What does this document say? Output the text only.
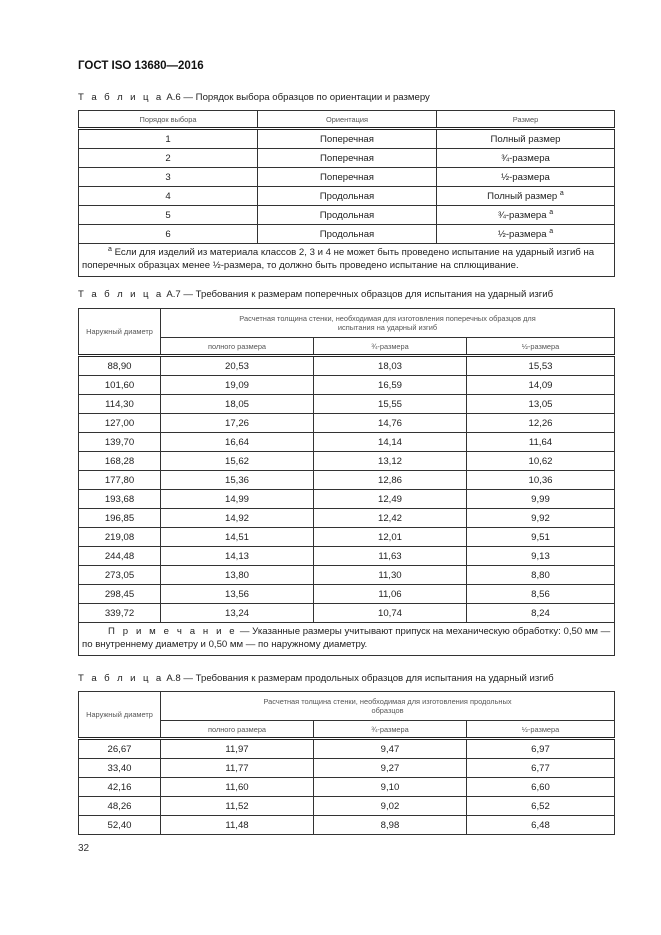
ГОСТ ISO 13680—2016
Т а б л и ц а А.6 — Порядок выбора образцов по ориентации и размеру
Порядок выбора	Ориентация	Размер
1	Поперечная	Полный размер
2	Поперечная	¾-размера
3	Поперечная	½-размера
4	Продольная	Полный размер $^a$
5	Продольная	¾-размера $^a$
6	Продольная	½-размера $^a$
$^a$ Если для изделий из материала классов 2, 3 и 4 не может быть проведено испытание на ударный изгиб на поперечных образцах менее ½-размера, то должно быть проведено испытание на сплющивание.		
Т а б л и ц а А.7 — Требования к размерам поперечных образцов для испытания на ударный изгиб
Наружный диаметр	Расчетная толщина стенки, необходимая для изготовления поперечных образцов для испытания на ударный изгиб		
	полного размера	¾-размера	½-размера
88,90	20,53	18,03	15,53
101,60	19,09	16,59	14,09
114,30	18,05	15,55	13,05
127,00	17,26	14,76	12,26
139,70	16,64	14,14	11,64
168,28	15,62	13,12	10,62
177,80	15,36	12,86	10,36
193,68	14,99	12,49	9,99
196,85	14,92	12,42	9,92
219,08	14,51	12,01	9,51
244,48	14,13	11,63	9,13
273,05	13,80	11,30	8,80
298,45	13,56	11,06	8,56
339,72	13,24	10,74	8,24
П р и м е ч а н и е — Указанные размеры учитывают припуск на механическую обработку: 0,50 мм — по внутреннему диаметру и 0,50 мм — по наружному диаметру.			
Т а б л и ц а А.8 — Требования к размерам продольных образцов для испытания на ударный изгиб
Наружный диаметр	Расчетная толщина стенки, необходимая для изготовления продольных образцов		
	полного размера	¾-размера	½-размера
26,67	11,97	9,47	6,97
33,40	11,77	9,27	6,77
42,16	11,60	9,10	6,60
48,26	11,52	9,02	6,52
52,40	11,48	8,98	6,48
32
